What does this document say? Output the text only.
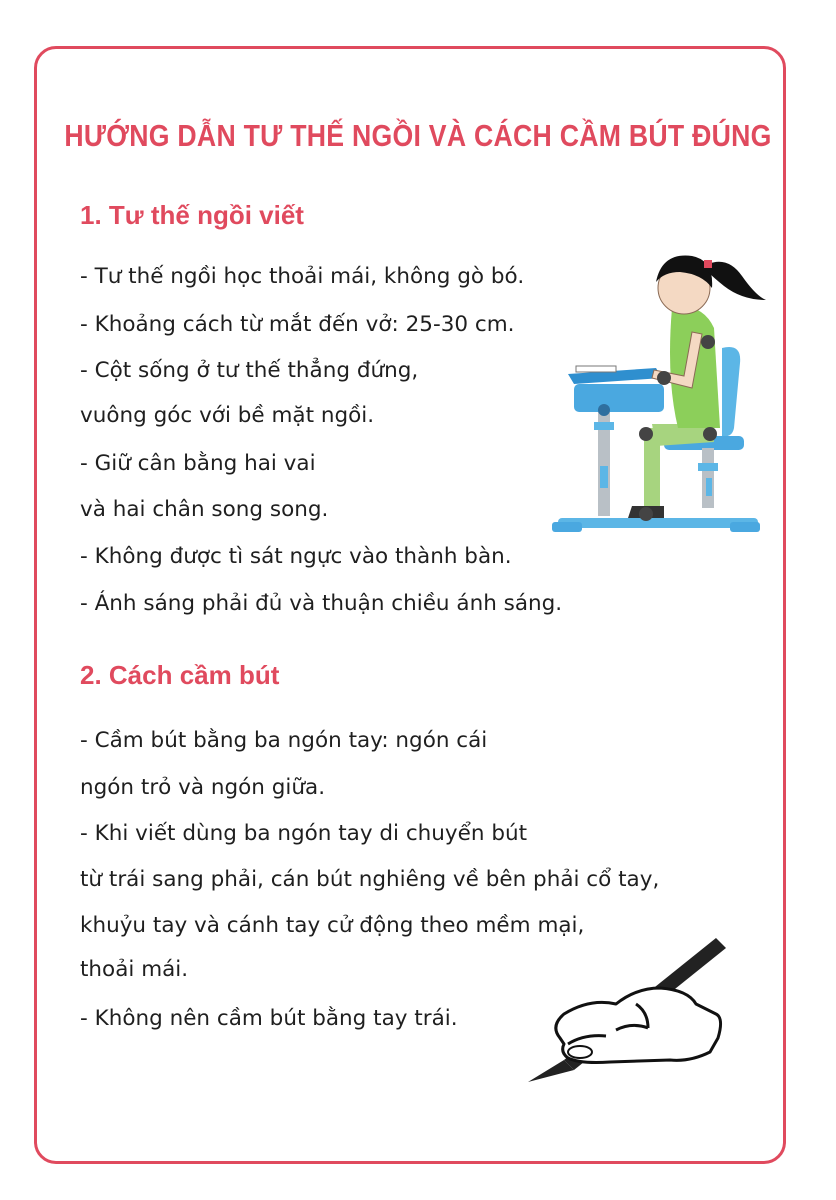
HƯỚNG DẪN TƯ THẾ NGỒI VÀ CÁCH CẦM BÚT ĐÚNG
1. Tư thế ngồi viết
- Tư thế ngồi học thoải mái, không gò bó.
- Khoảng cách từ mắt đến vở: 25-30 cm.
- Cột sống ở tư thế thẳng đứng,
vuông góc với bề mặt ngồi.
- Giữ cân bằng hai vai
và hai chân song song.
- Không được tì sát ngực vào thành bàn.
- Ánh sáng phải đủ và thuận chiều ánh sáng.
2. Cách cầm bút
- Cầm bút bằng ba ngón tay: ngón cái
ngón trỏ và ngón giữa.
- Khi viết dùng ba ngón tay di chuyển bút
từ trái sang phải, cán bút nghiêng về bên phải cổ tay,
khuỷu tay và cánh tay cử động theo mềm mại,
thoải mái.
- Không nên cầm bút bằng tay trái.
